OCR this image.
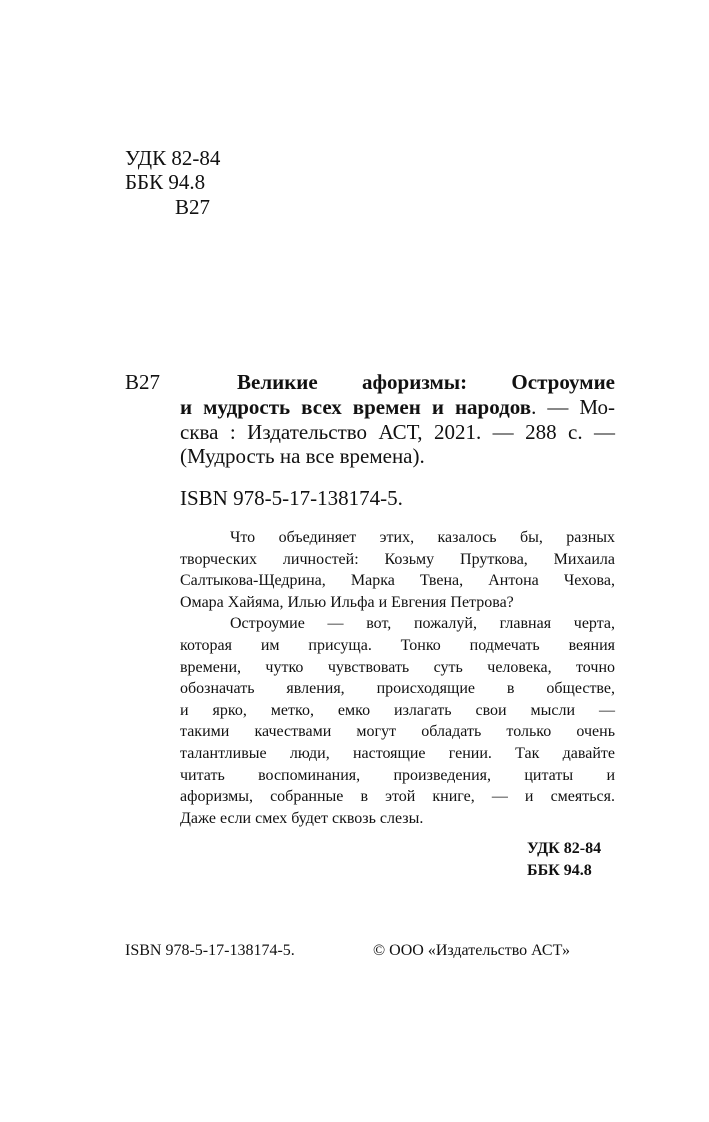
УДК 82-84
ББК 94.8
В27
В27	Великие афоризмы: Остроумие
и мудрость всех времен и народов. — Мо-
сква : Издательство АСТ, 2021. — 288 с. —
(Мудрость на все времена).
ISBN 978-5-17-138174-5.
Что объединяет этих, казалось бы, разных
творческих личностей: Козьму Пруткова, Михаила
Салтыкова-Щедрина, Марка Твена, Антона Чехова,
Омара Хайяма, Илью Ильфа и Евгения Петрова?
Остроумие — вот, пожалуй, главная черта,
которая им присуща. Тонко подмечать веяния
времени, чутко чувствовать суть человека, точно
обозначать явления, происходящие в обществе,
и ярко, метко, емко излагать свои мысли —
такими качествами могут обладать только очень
талантливые люди, настоящие гении. Так давайте
читать воспоминания, произведения, цитаты и
афоризмы, собранные в этой книге, — и смеяться.
Даже если смех будет сквозь слезы.
УДК 82-84
ББК 94.8
ISBN 978-5-17-138174-5.	© ООО «Издательство АСТ»
